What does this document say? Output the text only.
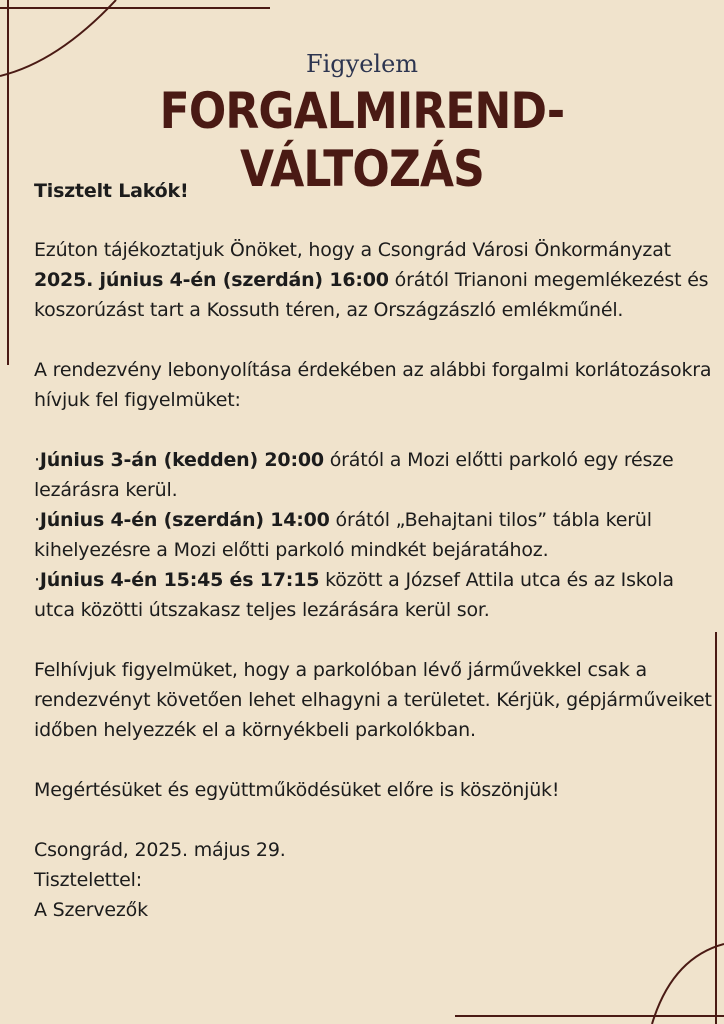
Figyelem
FORGALMIREND-VÁLTOZÁS

Tisztelt Lakók!

Ezúton tájékoztatjuk Önöket, hogy a Csongrád Városi Önkormányzat 2025. június 4-én (szerdán) 16:00 órától Trianoni megemlékezést és koszorúzást tart a Kossuth téren, az Országzászló emlékműnél.

A rendezvény lebonyolítása érdekében az alábbi forgalmi korlátozásokra hívjuk fel figyelmüket:

·Június 3-án (kedden) 20:00 órától a Mozi előtti parkoló egy része lezárásra kerül.

·Június 4-én (szerdán) 14:00 órától „Behajtani tilos” tábla kerül kihelyezésre a Mozi előtti parkoló mindkét bejáratához.

·Június 4-én 15:45 és 17:15 között a József Attila utca és az Iskola utca közötti útszakasz teljes lezárására kerül sor.

Felhívjuk figyelmüket, hogy a parkolóban lévő járművekkel csak a rendezvényt követően lehet elhagyni a területet. Kérjük, gépjárműveiket időben helyezzék el a környékbeli parkolókban.

Megértésüket és együttműködésüket előre is köszönjük!

Csongrád, 2025. május 29.

Tisztelettel:

A Szervezők
